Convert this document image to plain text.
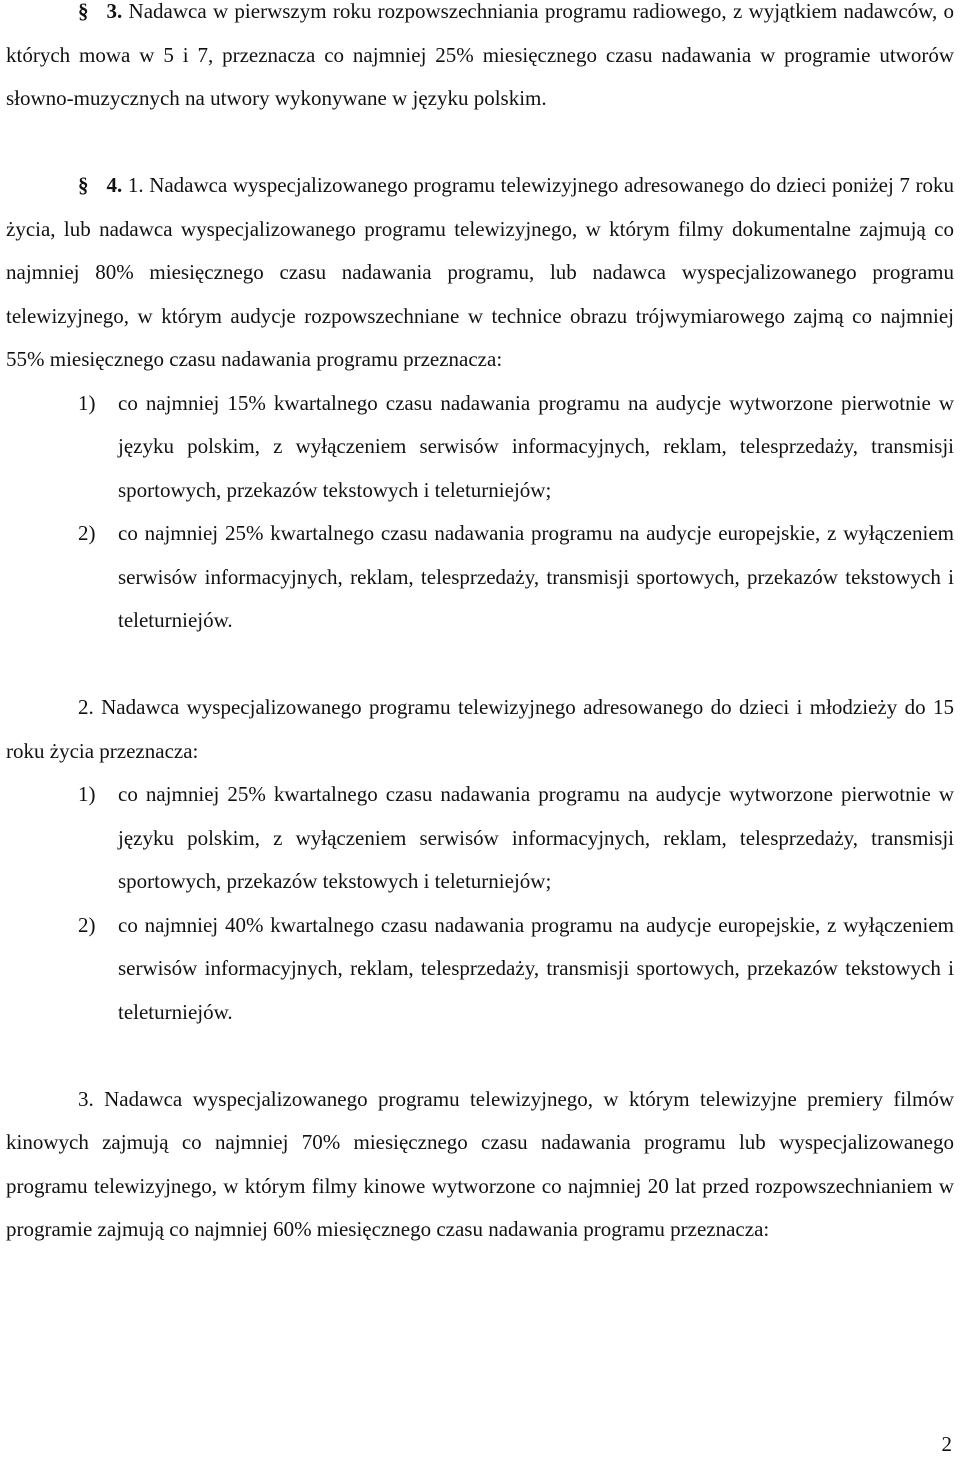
§ 3. Nadawca w pierwszym roku rozpowszechniania programu radiowego, z wyjątkiem nadawców, o których mowa w 5 i 7, przeznacza co najmniej 25% miesięcznego czasu nadawania w programie utworów słowno-muzycznych na utwory wykonywane w języku polskim.

§ 4. 1. Nadawca wyspecjalizowanego programu telewizyjnego adresowanego do dzieci poniżej 7 roku życia, lub nadawca wyspecjalizowanego programu telewizyjnego, w którym filmy dokumentalne zajmują co najmniej 80% miesięcznego czasu nadawania programu, lub nadawca wyspecjalizowanego programu telewizyjnego, w którym audycje rozpowszechniane w technice obrazu trójwymiarowego zajmą co najmniej 55% miesięcznego czasu nadawania programu przeznacza:

1) co najmniej 15% kwartalnego czasu nadawania programu na audycje wytworzone pierwotnie w języku polskim, z wyłączeniem serwisów informacyjnych, reklam, telesprzedaży, transmisji sportowych, przekazów tekstowych i teleturniejów;
2) co najmniej 25% kwartalnego czasu nadawania programu na audycje europejskie, z wyłączeniem serwisów informacyjnych, reklam, telesprzedaży, transmisji sportowych, przekazów tekstowych i teleturniejów.

2. Nadawca wyspecjalizowanego programu telewizyjnego adresowanego do dzieci i młodzieży do 15 roku życia przeznacza:

1) co najmniej 25% kwartalnego czasu nadawania programu na audycje wytworzone pierwotnie w języku polskim, z wyłączeniem serwisów informacyjnych, reklam, telesprzedaży, transmisji sportowych, przekazów tekstowych i teleturniejów;
2) co najmniej 40% kwartalnego czasu nadawania programu na audycje europejskie, z wyłączeniem serwisów informacyjnych, reklam, telesprzedaży, transmisji sportowych, przekazów tekstowych i teleturniejów.

3. Nadawca wyspecjalizowanego programu telewizyjnego, w którym telewizyjne premiery filmów kinowych zajmują co najmniej 70% miesięcznego czasu nadawania programu lub wyspecjalizowanego programu telewizyjnego, w którym filmy kinowe wytworzone co najmniej 20 lat przed rozpowszechnianiem w programie zajmują co najmniej 60% miesięcznego czasu nadawania programu przeznacza:

2
